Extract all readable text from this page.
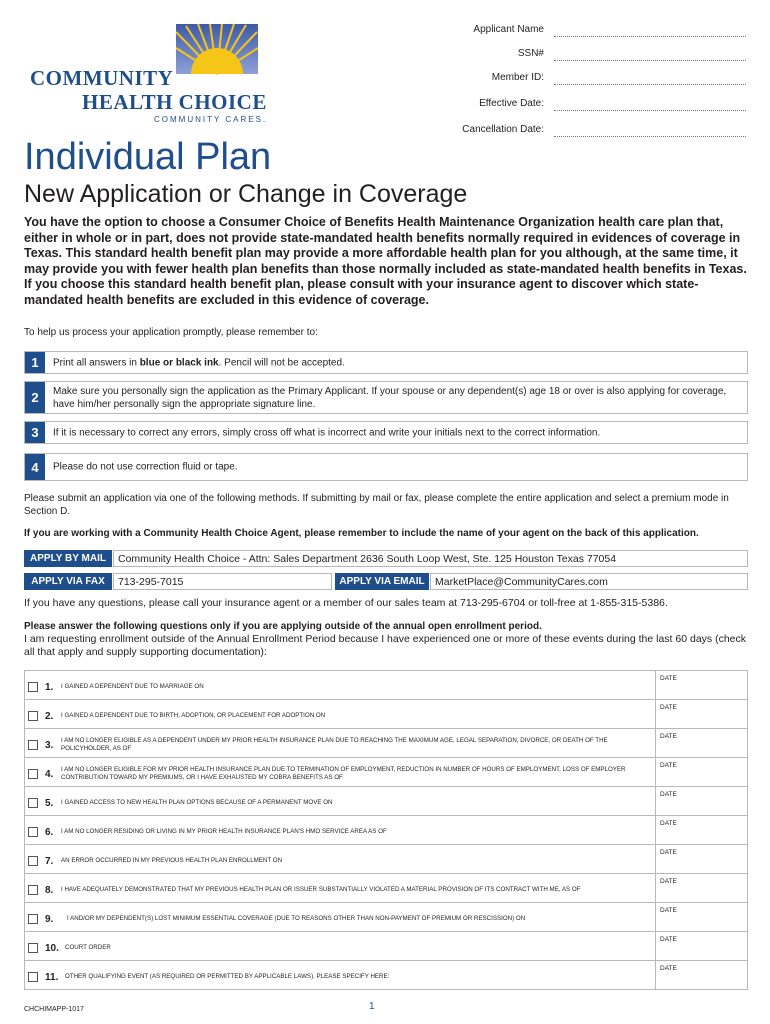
COMMUNITY
HEALTH CHOICE
COMMUNITY CARES.
Applicant Name
SSN#
Member ID:
Effective Date:
Cancellation Date:
Individual Plan
New Application or Change in Coverage
You have the option to choose a Consumer Choice of Benefits Health Maintenance Organization health care plan that, either in whole or in part, does not provide state-mandated health benefits normally required in evidences of coverage in Texas. This standard health benefit plan may provide a more affordable health plan for you although, at the same time, it may provide you with fewer health plan benefits than those normally included as state-mandated health benefits in Texas. If you choose this standard health benefit plan, please consult with your insurance agent to discover which state-mandated health benefits are excluded in this evidence of coverage.
To help us process your application promptly, please remember to:
1	Print all answers in blue or black ink. Pencil will not be accepted.
2	Make sure you personally sign the application as the Primary Applicant. If your spouse or any dependent(s) age 18 or over is also applying for coverage, have him/her personally sign the appropriate signature line.
3	If it is necessary to correct any errors, simply cross off what is incorrect and write your initials next to the correct information.
4	Please do not use correction fluid or tape.
Please submit an application via one of the following methods. If submitting by mail or fax, please complete the entire application and select a premium mode in Section D.
If you are working with a Community Health Choice Agent, please remember to include the name of your agent on the back of this application.
APPLY BY MAIL	Community Health Choice - Attn: Sales Department 2636 South Loop West, Ste. 125 Houston Texas 77054
APPLY VIA FAX	713-295-7015	APPLY VIA EMAIL MarketPlace@CommunityCares.com
If you have any questions, please call your insurance agent or a member of our sales team at 713-295-6704 or toll-free at 1-855-315-5386.
Please answer the following questions only if you are applying outside of the annual open enrollment period.
I am requesting enrollment outside of the Annual Enrollment Period because I have experienced one or more of these events during the last 60 days (check all that apply and supply supporting documentation):
1. I GAINED A DEPENDENT DUE TO MARRIAGE ON
DATE
2. I GAINED A DEPENDENT DUE TO BIRTH, ADOPTION, OR PLACEMENT FOR ADOPTION ON
DATE
3. I AM NO LONGER ELIGIBLE AS A DEPENDENT UNDER MY PRIOR HEALTH INSURANCE PLAN DUE TO REACHING THE MAXIMUM AGE, LEGAL SEPARATION, DIVORCE, OR DEATH OF THE POLICYHOLDER, AS OF
DATE
4. I AM NO LONGER ELIGIBLE FOR MY PRIOR HEALTH INSURANCE PLAN DUE TO TERMINATION OF EMPLOYMENT, REDUCTION IN NUMBER OF HOURS OF EMPLOYMENT, LOSS OF EMPLOYER CONTRIBUTION TOWARD MY PREMIUMS, OR I HAVE EXHAUSTED MY COBRA BENEFITS AS OF
DATE
5. I GAINED ACCESS TO NEW HEALTH PLAN OPTIONS BECAUSE OF A PERMANENT MOVE ON
DATE
6. I AM NO LONGER RESIDING OR LIVING IN MY PRIOR HEALTH INSURANCE PLAN'S HMO SERVICE AREA AS OF
DATE
7. AN ERROR OCCURRED IN MY PREVIOUS HEALTH PLAN ENROLLMENT ON
DATE
8. I HAVE ADEQUATELY DEMONSTRATED THAT MY PREVIOUS HEALTH PLAN OR ISSUER SUBSTANTIALLY VIOLATED A MATERIAL PROVISION OF ITS CONTRACT WITH ME, AS OF
DATE
9. I AND/OR MY DEPENDENT(S) LOST MINIMUM ESSENTIAL COVERAGE (DUE TO REASONS OTHER THAN NON-PAYMENT OF PREMIUM OR RESCISSION) ON
DATE
10. COURT ORDER
DATE
11. OTHER QUALIFYING EVENT (AS REQUIRED OR PERMITTED BY APPLICABLE LAWS). PLEASE SPECIFY HERE:
DATE
CHCHIMAPP-1017	1
